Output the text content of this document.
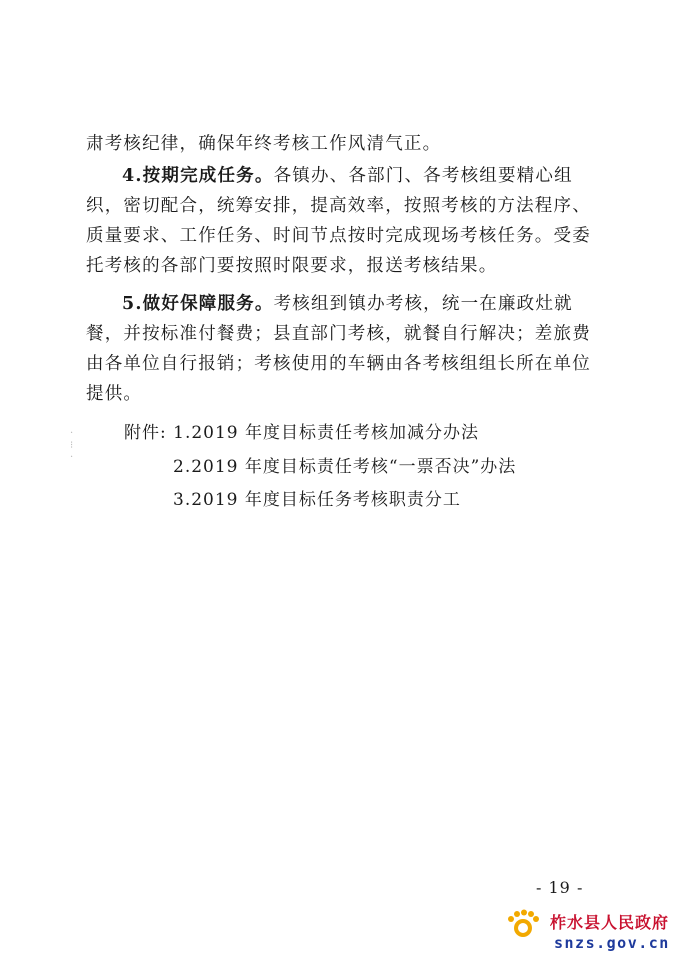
肃考核纪律，确保年终考核工作风清气正。

4.按期完成任务。各镇办、各部门、各考核组要精心组织，密切配合，统筹安排，提高效率，按照考核的方法程序、质量要求、工作任务、时间节点按时完成现场考核任务。受委托考核的各部门要按照时限要求，报送考核结果。

5.做好保障服务。考核组到镇办考核，统一在廉政灶就餐，并按标准付餐费；县直部门考核，就餐自行解决；差旅费由各单位自行报销；考核使用的车辆由各考核组组长所在单位提供。

·
⁝
·
附件: 1.2019 年度目标责任考核加减分办法
2.2019 年度目标责任考核“一票否决”办法
3.2019 年度目标任务考核职责分工
- 19 -
柞水县人民政府
snzs.gov.cn
